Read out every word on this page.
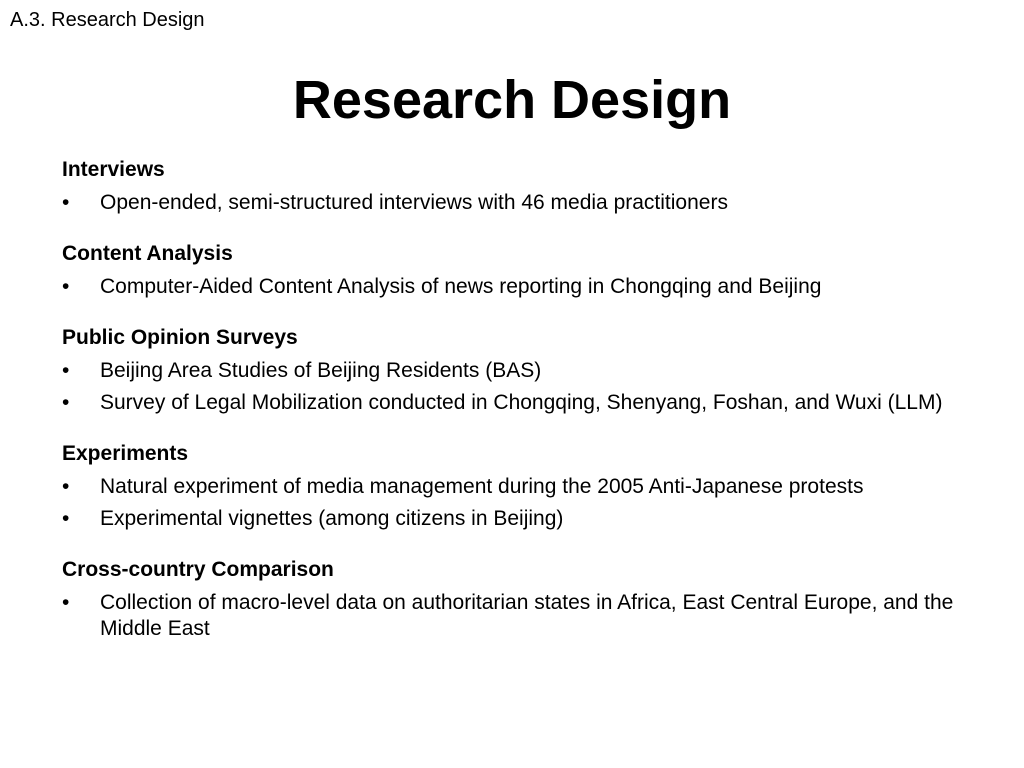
A.3. Research Design
Research Design
Interviews
• Open-ended, semi-structured interviews with 46 media practitioners
Content Analysis
• Computer-Aided Content Analysis of news reporting in Chongqing and Beijing
Public Opinion Surveys
• Beijing Area Studies of Beijing Residents (BAS)
• Survey of Legal Mobilization conducted in Chongqing, Shenyang, Foshan, and Wuxi (LLM)
Experiments
• Natural experiment of media management during the 2005 Anti-Japanese protests
• Experimental vignettes (among citizens in Beijing)
Cross-country Comparison
• Collection of macro-level data on authoritarian states in Africa, East Central Europe, and the Middle East
